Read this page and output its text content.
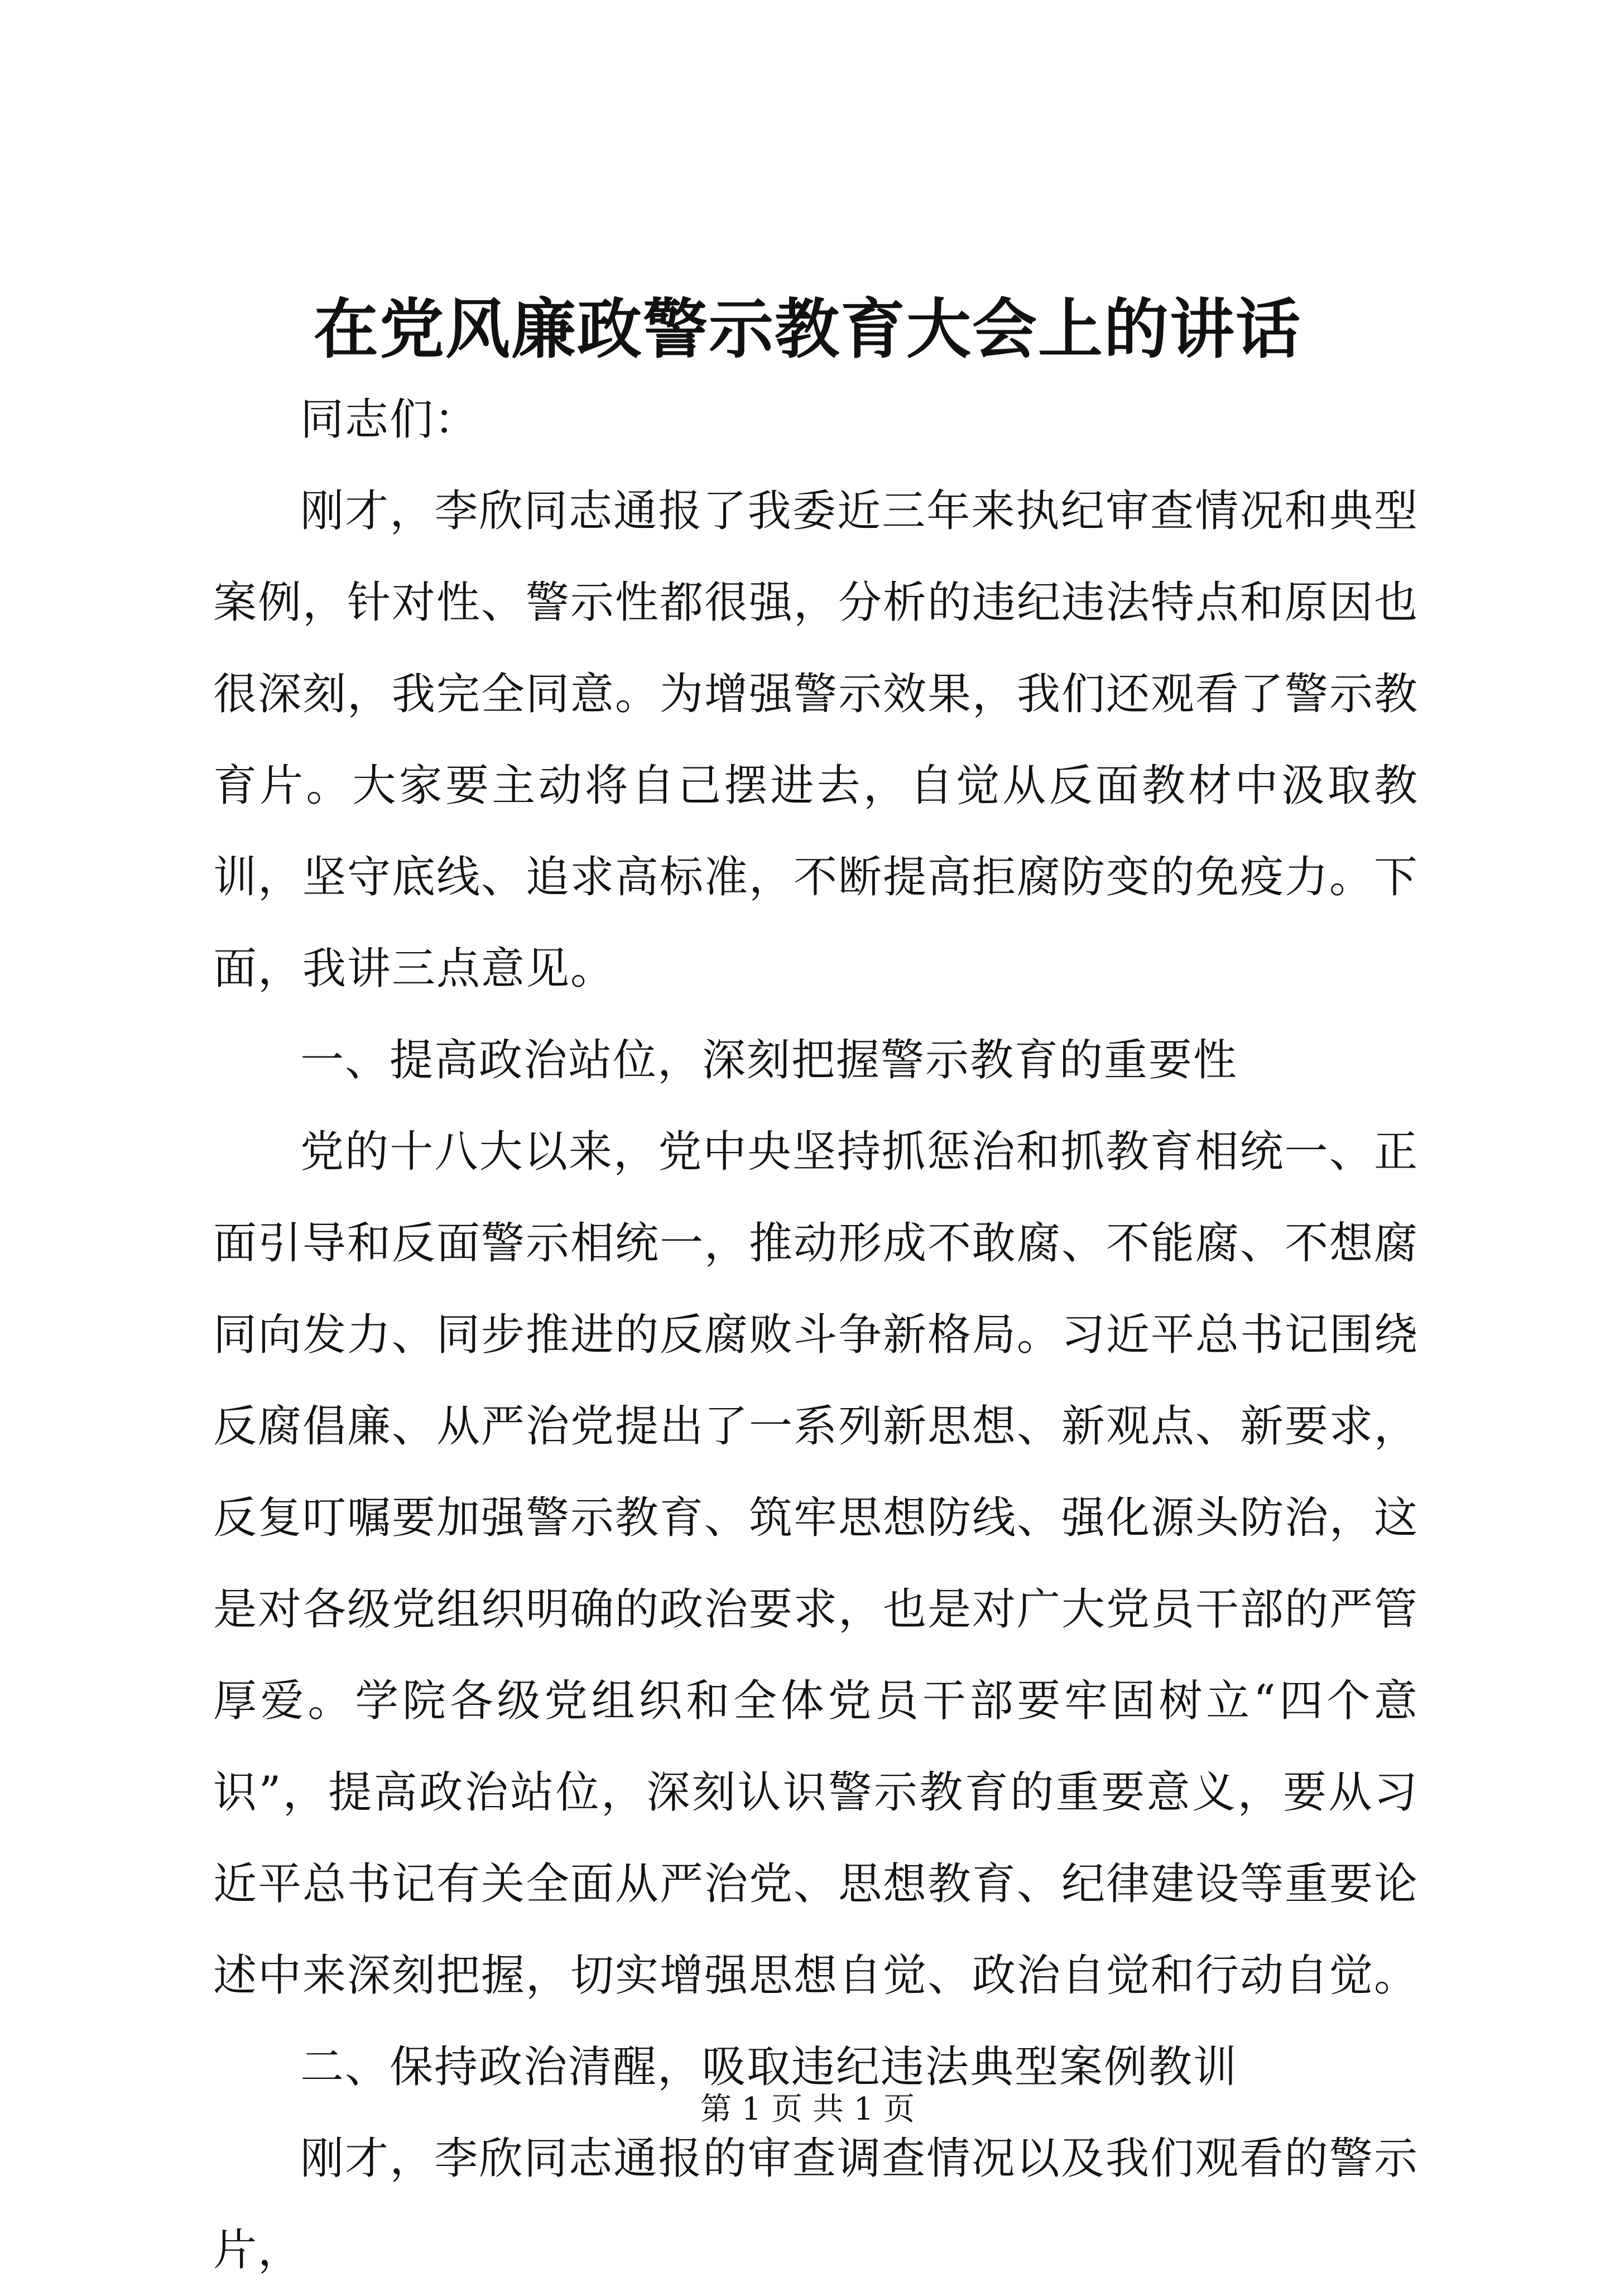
在党风廉政警示教育大会上的讲话

同志们：

刚才，李欣同志通报了我委近三年来执纪审查情况和典型案例，针对性、警示性都很强，分析的违纪违法特点和原因也很深刻，我完全同意。为增强警示效果，我们还观看了警示教育片。大家要主动将自己摆进去，自觉从反面教材中汲取教训，坚守底线、追求高标准，不断提高拒腐防变的免疫力。下面，我讲三点意见。

一、提高政治站位，深刻把握警示教育的重要性

党的十八大以来，党中央坚持抓惩治和抓教育相统一、正面引导和反面警示相统一，推动形成不敢腐、不能腐、不想腐同向发力、同步推进的反腐败斗争新格局。习近平总书记围绕反腐倡廉、从严治党提出了一系列新思想、新观点、新要求，反复叮嘱要加强警示教育、筑牢思想防线、强化源头防治，这是对各级党组织明确的政治要求，也是对广大党员干部的严管厚爱。学院各级党组织和全体党员干部要牢固树立“四个意识”，提高政治站位，深刻认识警示教育的重要意义，要从习近平总书记有关全面从严治党、思想教育、纪律建设等重要论述中来深刻把握，切实增强思想自觉、政治自觉和行动自觉。

二、保持政治清醒，吸取违纪违法典型案例教训

刚才，李欣同志通报的审查调查情况以及我们观看的警示片，

第 1 页 共 1 页
